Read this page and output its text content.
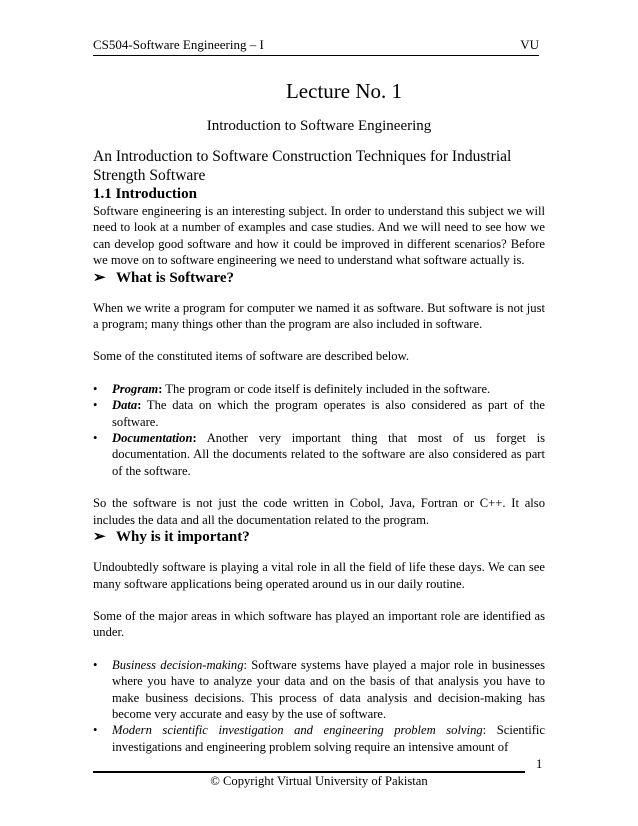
CS504-Software Engineering – I	VU
Lecture No. 1
Introduction to Software Engineering

An Introduction to Software Construction Techniques for Industrial Strength Software

1.1 Introduction

Software engineering is an interesting subject. In order to understand this subject we will need to look at a number of examples and case studies. And we will need to see how we can develop good software and how it could be improved in different scenarios? Before we move on to software engineering we need to understand what software actually is.

➢ What is Software?

When we write a program for computer we named it as software. But software is not just a program; many things other than the program are also included in software.

Some of the constituted items of software are described below.

• Program: The program or code itself is definitely included in the software.
• Data: The data on which the program operates is also considered as part of the software.
• Documentation: Another very important thing that most of us forget is documentation. All the documents related to the software are also considered as part of the software.

So the software is not just the code written in Cobol, Java, Fortran or C++. It also includes the data and all the documentation related to the program.

➢ Why is it important?

Undoubtedly software is playing a vital role in all the field of life these days. We can see many software applications being operated around us in our daily routine.

Some of the major areas in which software has played an important role are identified as under.

• Business decision-making: Software systems have played a major role in businesses where you have to analyze your data and on the basis of that analysis you have to make business decisions. This process of data analysis and decision-making has become very accurate and easy by the use of software.
• Modern scientific investigation and engineering problem solving: Scientific investigations and engineering problem solving require an intensive amount of
1
© Copyright Virtual University of Pakistan
